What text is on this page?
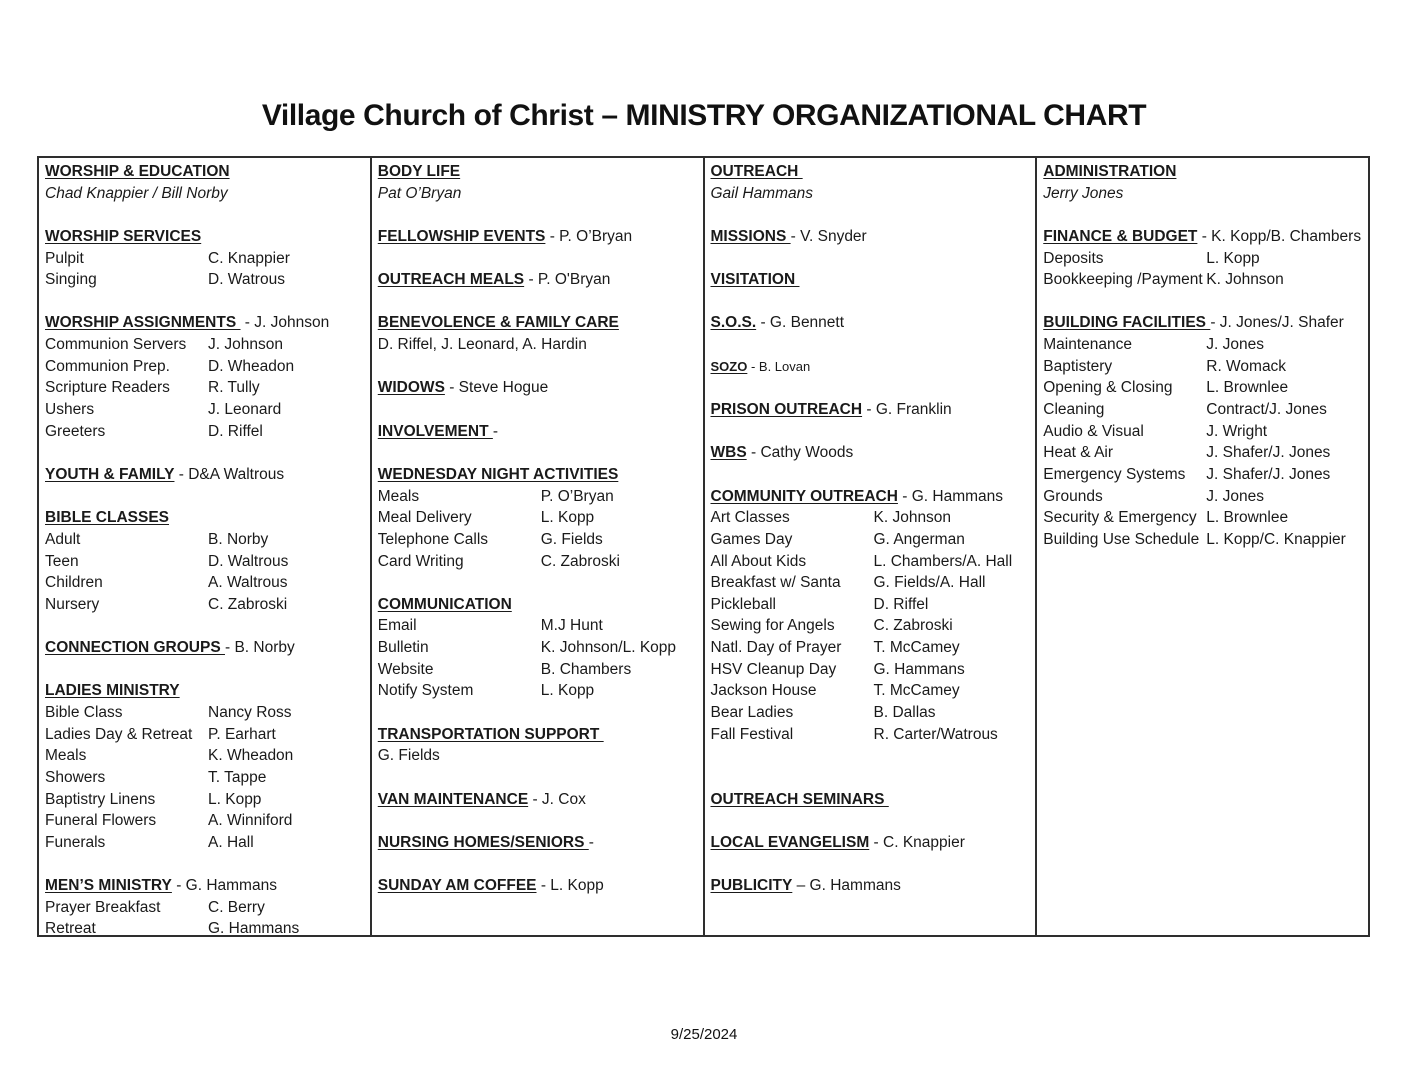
Village Church of Christ – MINISTRY ORGANIZATIONAL CHART
WORSHIP & EDUCATION
Chad Knappier / Bill Norby
WORSHIP SERVICES
Pulpit	C. Knappier
Singing	D. Watrous
WORSHIP ASSIGNMENTS  - J. Johnson
Communion Servers J. Johnson
Communion Prep. D. Wheadon
Scripture Readers R. Tully
Ushers	J. Leonard
Greeters	D. Riffel
YOUTH & FAMILY - D&A Waltrous
BIBLE CLASSES
Adult	B. Norby
Teen	D. Waltrous
Children	A. Waltrous
Nursery	C. Zabroski
CONNECTION GROUPS - B. Norby
LADIES MINISTRY
Bible Class	Nancy Ross
Ladies Day & Retreat P. Earhart
Meals	K. Wheadon
Showers	T. Tappe
Baptistry Linens	L. Kopp
Funeral Flowers	A. Winniford
Funerals	A. Hall
MEN’S MINISTRY - G. Hammans
Prayer Breakfast	C. Berry
Retreat	G. Hammans
BODY LIFE
Pat O’Bryan
FELLOWSHIP EVENTS - P. O’Bryan
OUTREACH MEALS - P. O'Bryan
BENEVOLENCE & FAMILY CARE
D. Riffel, J. Leonard, A. Hardin
WIDOWS - Steve Hogue
INVOLVEMENT -
WEDNESDAY NIGHT ACTIVITIES
Meals	P. O’Bryan
Meal Delivery	L. Kopp
Telephone Calls	G. Fields
Card Writing	C. Zabroski
COMMUNICATION
Email	M.J Hunt
Bulletin	K. Johnson/L. Kopp
Website	B. Chambers
Notify System	L. Kopp
TRANSPORTATION SUPPORT
G. Fields
VAN MAINTENANCE - J. Cox
NURSING HOMES/SENIORS -
SUNDAY AM COFFEE - L. Kopp
OUTREACH
Gail Hammans
MISSIONS - V. Snyder
VISITATION
S.O.S. - G. Bennett
SOZO - B. Lovan
PRISON OUTREACH - G. Franklin
WBS - Cathy Woods
COMMUNITY OUTREACH - G. Hammans
Art Classes	K. Johnson
Games Day	G. Angerman
All About Kids	L. Chambers/A. Hall
Breakfast w/ Santa G. Fields/A. Hall
Pickleball	D. Riffel
Sewing for Angels	C. Zabroski
Natl. Day of Prayer T. McCamey
HSV Cleanup Day G. Hammans
Jackson House	T. McCamey
Bear Ladies	B. Dallas
Fall Festival	R. Carter/Watrous
OUTREACH SEMINARS
LOCAL EVANGELISM - C. Knappier
PUBLICITY – G. Hammans
ADMINISTRATION
Jerry Jones
FINANCE & BUDGET - K. Kopp/B. Chambers
Deposits	L. Kopp
Bookkeeping /Payment K. Johnson
BUILDING FACILITIES - J. Jones/J. Shafer
Maintenance	J. Jones
Baptistery	R. Womack
Opening & Closing L. Brownlee
Cleaning	Contract/J. Jones
Audio & Visual	J. Wright
Heat & Air	J. Shafer/J. Jones
Emergency Systems J. Shafer/J. Jones
Grounds	J. Jones
Security & Emergency L. Brownlee
Building Use Schedule L. Kopp/C. Knappier
9/25/2024
